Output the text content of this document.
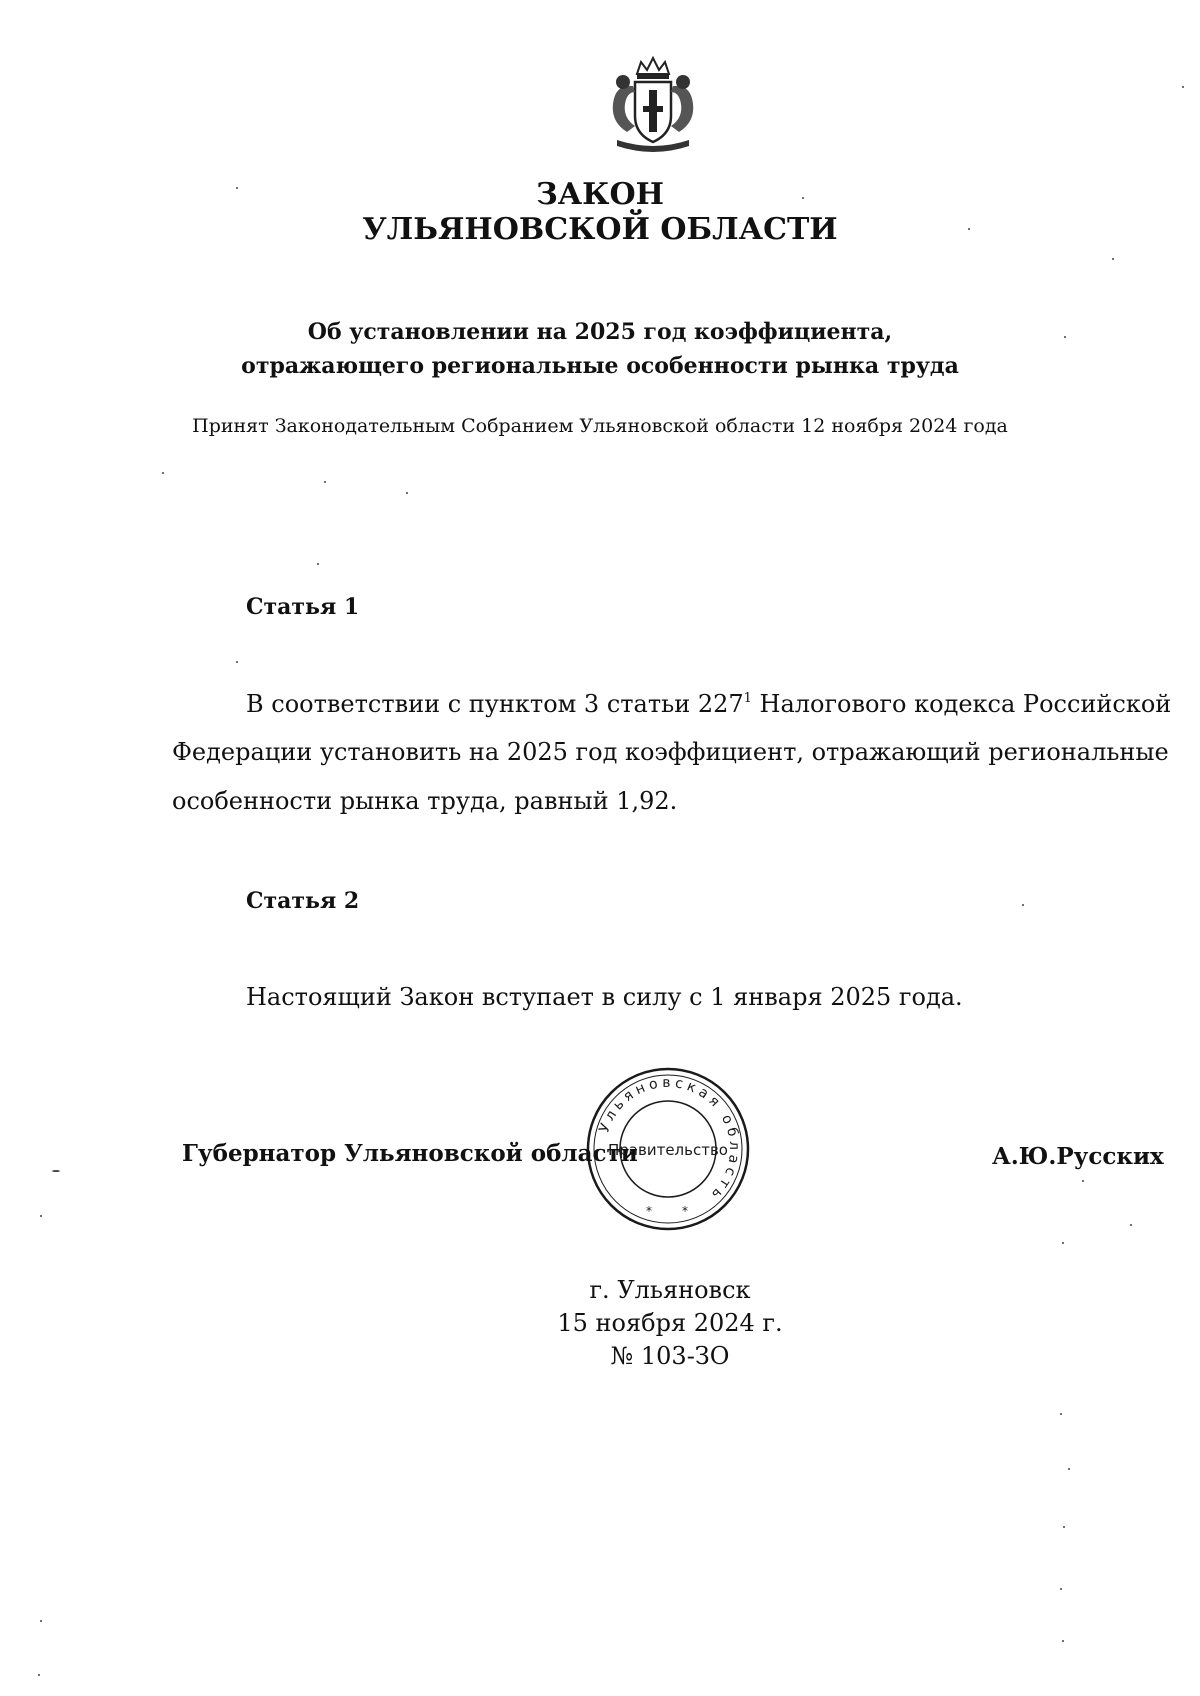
ЗАКОН
УЛЬЯНОВСКОЙ ОБЛАСТИ
Об установлении на 2025 год коэффициента,
отражающего региональные особенности рынка труда
Принят Законодательным Собранием Ульяновской области 12 ноября 2024 года
Статья 1
В соответствии с пунктом 3 статьи $227^1$ Налогового кодекса Российской
Федерации установить на 2025 год коэффициент, отражающий региональные
особенности рынка труда, равный 1,92.
Статья 2
Настоящий Закон вступает в силу с 1 января 2025 года.
Ульяновская область
Правительство
*	*
Губернатор Ульяновской области	А.Ю.Русских
г. Ульяновск
15 ноября 2024 г.
№ 103-ЗО
